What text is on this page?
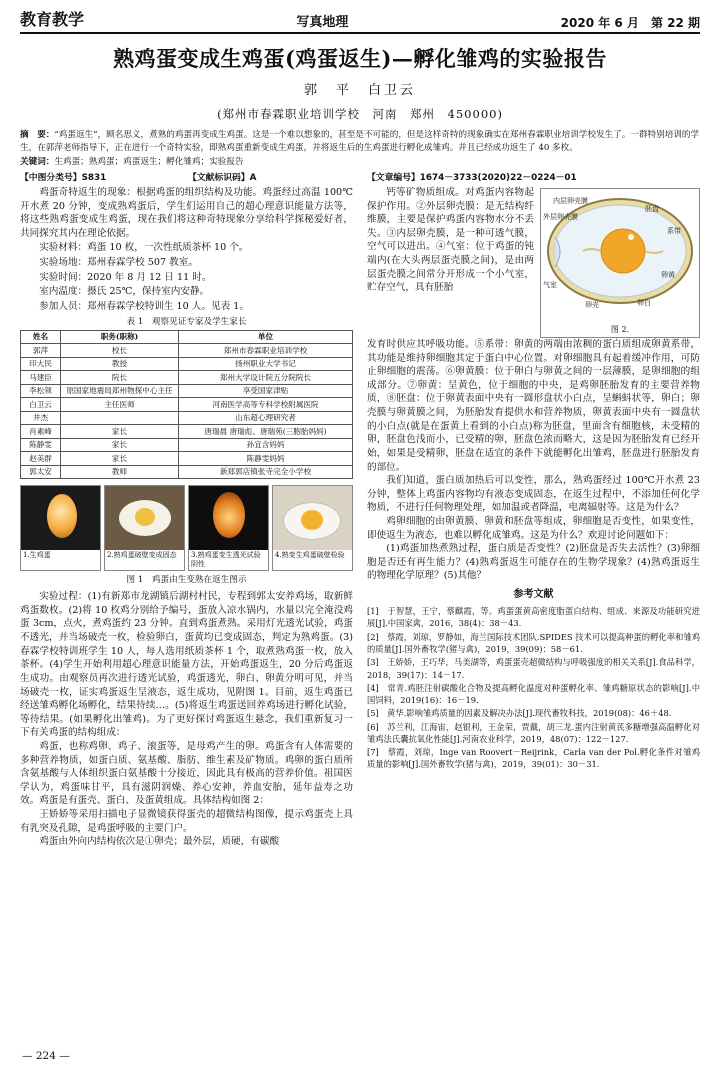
教育教学	写真地理	2020 年 6 月　第 22 期
熟鸡蛋变成生鸡蛋(鸡蛋返生)—孵化雏鸡的实验报告
郭　平　白卫云
(郑州市春霖职业培训学校　河南　郑州　450000)
摘　要：“鸡蛋返生”，顾名思义，煮熟的鸡蛋再变成生鸡蛋。这是一个难以想象的，甚至是不可能的，但是这样奇特的现象确实在郑州春霖职业培训学校发生了。一群特别培训的学生，在郭萍老师指导下，正在进行一个奇特实验，即熟鸡蛋重新变成生鸡蛋，并将返生后的生鸡蛋进行孵化成雏鸡。并且已经成功返生了 40 多枚。
关键词：生鸡蛋；熟鸡蛋；鸡蛋返生；孵化雏鸡；实验报告
【中图分类号】S831	【文献标识码】A	【文章编号】1674－3733(2020)22－0224－01

鸡蛋奇特返生的现象：根据鸡蛋的组织结构及功能。鸡蛋经过高温 100℃开水煮 20 分钟，变成熟鸡蛋后，学生们运用自己的超心理意识能量方法等，将这些熟鸡蛋变成生鸡蛋，现在我们将这种奇特现象分享给科学探秘爱好者，共同探究其内在理论依据。

实验材料：鸡蛋 10 枚，一次性纸质茶杯 10 个。

实验场地：郑州春霖学校 507 教室。

实验时间：2020 年 8 月 12 日 11 时。

室内温度：摄氏 25℃，保持室内安静。

参加人员：郑州春霖学校特训生 10 人。见表 1。

表 1　观察见证专家及学生家长
姓名	职务(职称)	单位
郭萍	校长	郑州市春霖职业培训学校
印大民	教授	扬州职业大学书记
马建臣	院长	郑州大学设计院五分院院长
李松领	原国家地震局郑州物探中心主任	享受国家津贴
白卫云	主任医师	河南医学高等专科学校附属医院
井杰		山东超心理研究者
肖素峰	家长	唐瑞晨 唐瑞彪、唐瑞苑(三胞胎妈妈)
陈静雯	家长	孙宜含妈妈
赵美群	家长	陈静雯妈妈
郭太安	教师	新郑郭店镇张寺完全小学校
1.生鸡蛋	2.熟鸡蛋破壁变成固态	3.熟鸡蛋变生透光试验阴性
4.熟变生鸡蛋破壁检验
图 1　鸡蛋由生变熟在返生图示

实验过程：(1)有新郑市龙湖镇后湖村村民，专程到郭太安养鸡场，取新鲜鸡蛋数枚。(2)将 10 枚鸡分别给予编号，蛋放入凉水锅内，水量以完全淹没鸡蛋 3cm，点火，煮鸡蛋约 23 分钟。直到鸡蛋煮熟。采用灯光透光试验，鸡蛋不透光，并当场破壳一枚，检验卵白，蛋黄均已变成固态，判定为熟鸡蛋。(3)春霖学校特训班学生 10 人，每人选用纸质茶杯 1 个，取煮熟鸡蛋一枚，放入茶杯。(4)学生开始利用超心理意识能量方法，开始鸡蛋返生，20 分后鸡蛋返生成功。由观察员再次进行透光试验，鸡蛋透光，卵白、卵黄分明可见，并当场破壳一枚，证实鸡蛋返生呈液态，返生成功，见附图 1。目前，返生鸡蛋已经送雏鸡孵化场孵化，结果待续…。(5)将返生鸡蛋送回养鸡场进行孵化试验，等待结果。(如果孵化出雏鸡)。为了更好探讨鸡蛋返生悬念，我们重新复习一下有关鸡蛋的结构组成：

鸡蛋，也称鸡卵、鸡子、滚蛋等，是母鸡产生的卵。鸡蛋含有人体需要的多种营养物质，如蛋白质、氨基酸、脂肪、维生素及矿物质。鸡卵的蛋白质所含氨基酸与人体组织蛋白氨基酸十分接近，因此具有极高的营养价值。祖国医学认为，鸡蛋味甘平，具有滋阴润燥、养心安神，养血安胎，延年益寿之功效。鸡蛋是有蛋壳、蛋白、及蛋黄组成。具体结构如图 2：

王娇娇等采用扫描电子显微镜获得蛋壳的超微结构图像，提示鸡蛋壳上具有乳突及孔隙，是鸡蛋呼吸的主要门户。

鸡蛋由外向内结构依次是①卵壳；最外层，质硬，有碳酸

钙等矿物质组成。对鸡蛋内容物起保护作用。②外层卵壳膜：是无结构纤维膜，主要是保护鸡蛋内容物水分不丢失。③内层卵壳膜，是一种可透气膜，空气可以进出。④气室：位于鸡蛋的钝端内(在大头两层蛋壳膜之间)，是由两层蛋壳膜之间常分开形成一个小气室，贮存空气，具有胚胎

内层卵壳膜
外层卵壳膜
气室
卵壳
系带
卵黄
胚盘
卵白
图 2.

发育时供应其呼吸功能。⑤系带：卵黄的两端由浓稠的蛋白质组成卵黄系带，其功能是维持卵细胞其定于蛋白中心位置。对卵细胞具有起着缓冲作用，可防止卵细胞的震荡。⑥卵黄膜：位于卵白与卵黄之间的一层薄膜，是卵细胞的组成部分。⑦卵黄：呈黄色，位于细胞的中央，是鸡卵胚胎发育的主要营养物质，⑧胚盘：位于卵黄表面中央有一圆形盘状小白点，呈蝌蚪状等，卵白；卵壳膜与卵黄膜之间，为胚胎发育提供水和营养物质，卵黄表面中央有一圆盘状的小白点(就是在蛋黄上看到的小白点)称为胚盘，里面含有细胞核，未受精的卵，胚盘色浅而小，已受精的卵，胚盘色浓而略大，这是因为胚胎发育已经开始，如果是受精卵，胚盘在适宜的条件下就能孵化出雏鸡，胚盘进行胚胎发育的部位。

我们知道，蛋白质加热后可以变性，那么，熟鸡蛋经过 100℃开水煮 23 分钟，整体上鸡蛋内容物均有液态变成固态，在返生过程中，不添加任何化学物质，不进行任何物理处理，如加温或者降温，电离辐射等。这是为什么？

鸡卵细胞的由卵黄膜、卵黄和胚盘等组成，卵细胞是否变性，如果变性，即使返生为液态，也难以孵化成雏鸡。这是为什么？欢迎讨论问题如下：

(1)鸡蛋加热煮熟过程，蛋白质是否变性？(2)胚盘是否失去活性？(3)卵细胞是否还有再生能力？(4)熟鸡蛋返生可能存在的生物学现象？(4)熟鸡蛋返生的物理化学原理？(5)其他？

参考文献

[1]　于智慧，王宁，蔡麒霞，等。鸡蛋蛋黄高密度脂蛋白结构、组成、来源及功能研究进展[J].中国家禽，2016，38(4)：38－43.

[2]　蔡霞，刘琼，罗静如，海兰国际技术团队.SPIDES 技术可以提高种蛋的孵化率和雏鸡的质量[J].国外畜牧学(猪与禽)，2019，39(09)：58－61.

[3]　王娇娇，王巧华，马美湖等，鸡蛋蛋壳超微结构与呼吸强度的相关关系[J].食品科学，2018，39(17)：14－17.

[4]　常青.鸡胚注射碳酸化合物及提高孵化温度对种蛋孵化率、雏鸡糖原状态的影响[J].中国饲料，2019(16)：16－19.

[5]　黄华.影响雏鸡质量的因素及解决办法[J].现代畜牧科技，2019(08)：46＋48.

[6]　苏兰利，江海宙，赵银利，王金荣，贾戴，胡三龙.蛋内注射黄芪多糖增强高温孵化对雏鸡法氏囊抗氧化性能[J].河南农业科学，2019，48(07)：122－127.

[7]　蔡霞，刘琼，Inge van Roovert－Reijrink，Carla van der Pol.孵化条件对雏鸡质量的影响[J].国外畜牧学(猪与禽)，2019，39(01)：30－31.

— 224 —
